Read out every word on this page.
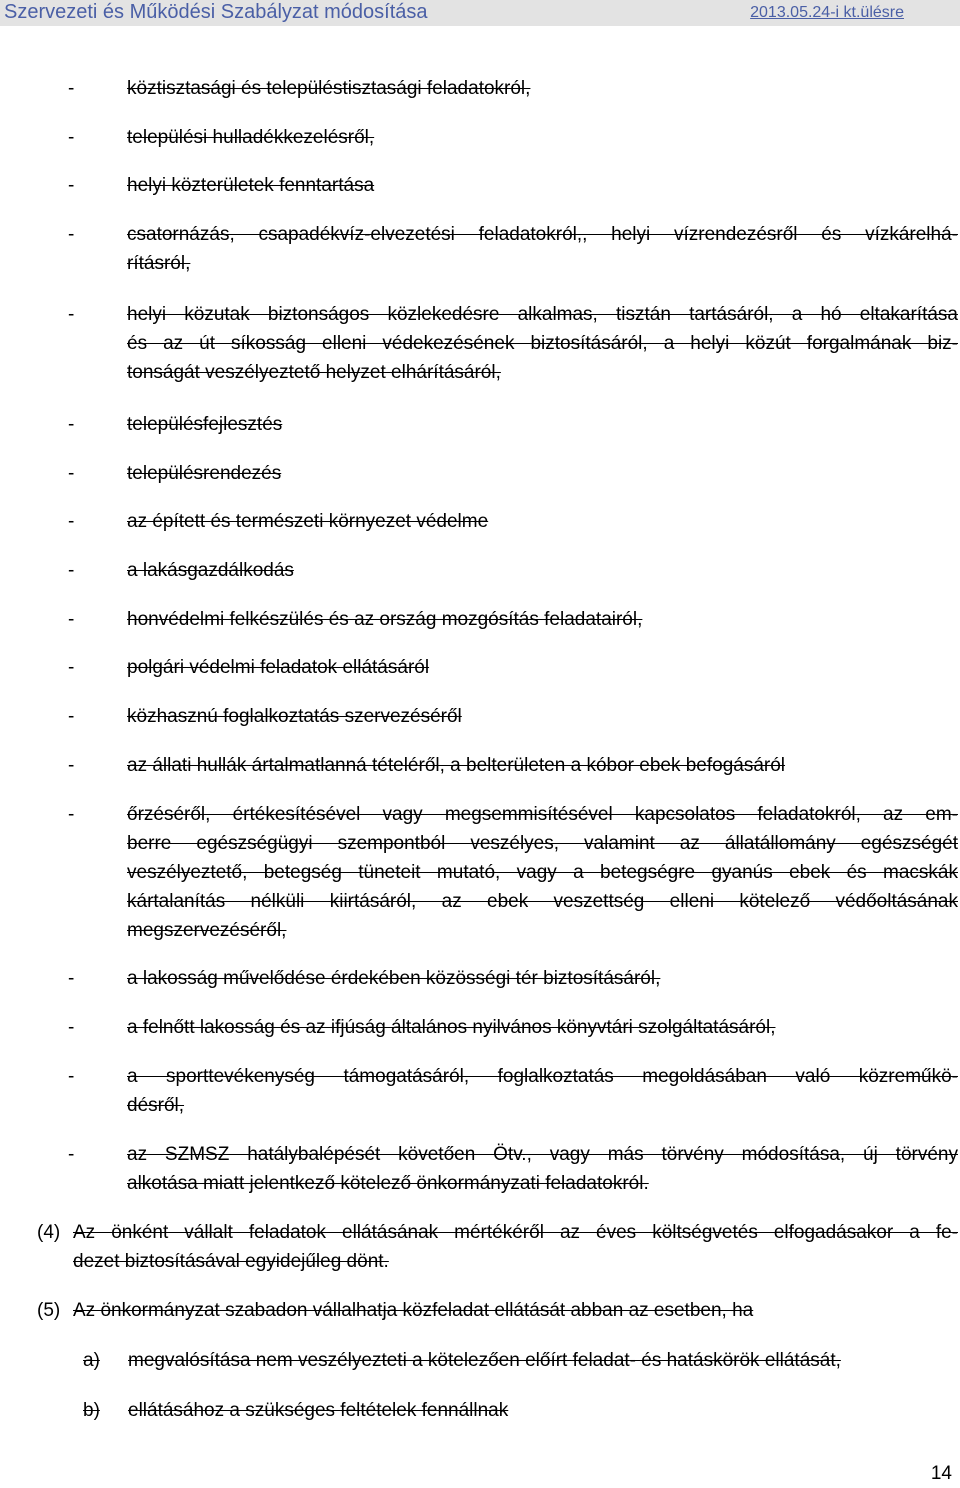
Szervezeti és Működési Szabályzat módosítása	2013.05.24-i kt.ülésre
-	köztisztasági és településtisztasági feladatokról,
-	települési hulladékkezelésről,
-	helyi közterületek fenntartása
-	csatornázás, csapadékvíz-elvezetési feladatokról,, helyi vízrendezésről és vízkárelhá-
rításról,
-	helyi közutak biztonságos közlekedésre alkalmas, tisztán tartásáról, a hó eltakarítása
és az út síkosság elleni védekezésének biztosításáról, a helyi közút forgalmának biz-
tonságát veszélyeztető helyzet elhárításáról,
-	településfejlesztés
-	településrendezés
-	az épített és természeti környezet védelme
-	a lakásgazdálkodás
-	honvédelmi felkészülés és az ország mozgósítás feladatairól,
-	polgári védelmi feladatok ellátásáról
-	közhasznú foglalkoztatás szervezéséről
-	az állati hullák ártalmatlanná tételéről, a belterületen a kóbor ebek befogásáról
-	őrzéséről, értékesítésével vagy megsemmisítésével kapcsolatos feladatokról, az em-
berre egészségügyi szempontból veszélyes, valamint az állatállomány egészségét
veszélyeztető, betegség tüneteit mutató, vagy a betegségre gyanús ebek és macskák
kártalanítás nélküli kiirtásáról, az ebek veszettség elleni kötelező védőoltásának
megszervezéséről,
-	a lakosság művelődése érdekében közösségi tér biztosításáról,
-	a felnőtt lakosság és az ifjúság általános nyilvános könyvtári szolgáltatásáról,
-	a sporttevékenység támogatásáról, foglalkoztatás megoldásában való közreműkö-
désről,
-	az SZMSZ hatálybalépését követően Ötv., vagy más törvény módosítása, új törvény
alkotása miatt jelentkező kötelező önkormányzati feladatokról.
(4) Az önként vállalt feladatok ellátásának mértékéről az éves költségvetés elfogadásakor a fe-
dezet biztosításával egyidejűleg dönt.
(5) Az önkormányzat szabadon vállalhatja közfeladat ellátását abban az esetben, ha
a) megvalósítása nem veszélyezteti a kötelezően előírt feladat- és hatáskörök ellátását,
b) ellátásához a szükséges feltételek fennállnak
14
